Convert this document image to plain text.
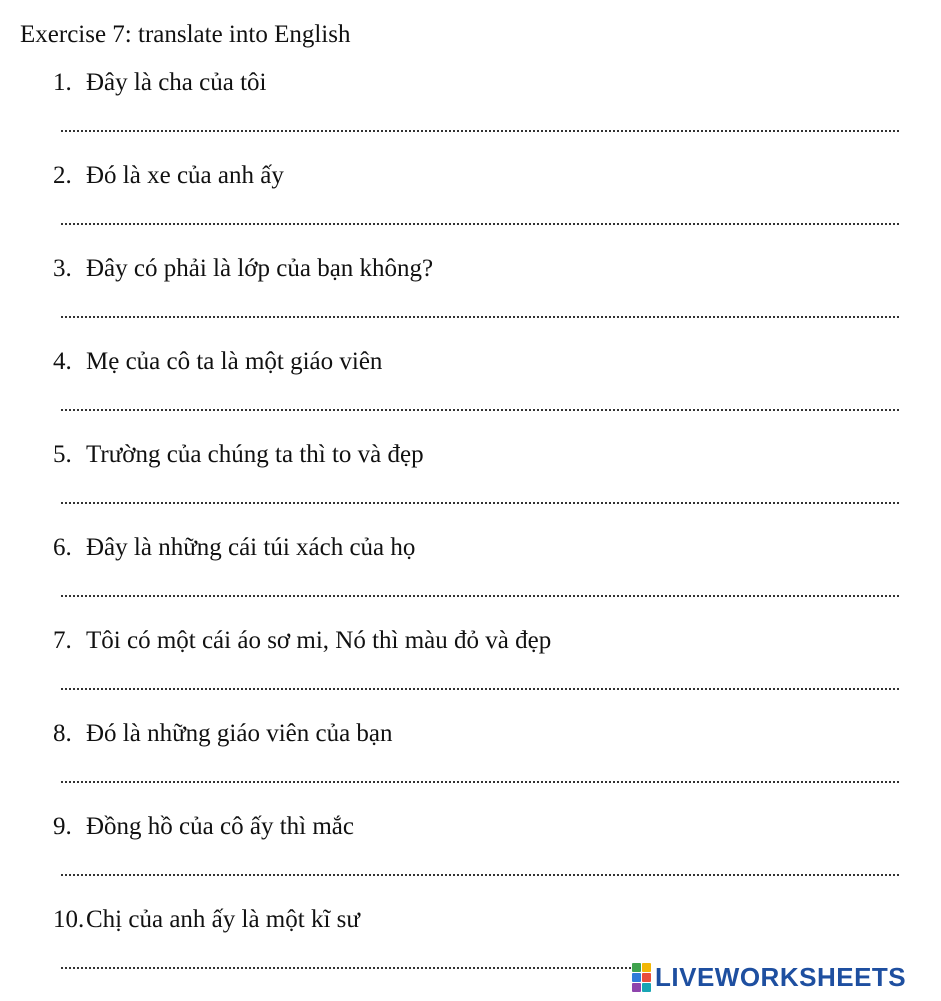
Exercise 7: translate into English
1. Đây là cha của tôi
2. Đó là xe của anh ấy
3. Đây có phải là lớp của bạn không?
4. Mẹ của cô ta là một giáo viên
5. Trường của chúng ta thì to và đẹp
6. Đây là những cái túi xách của họ
7. Tôi có một cái áo sơ mi, Nó thì màu đỏ và đẹp
8. Đó là những giáo viên của bạn
9. Đồng hồ của cô ấy thì mắc
10. Chị của anh ấy là một kĩ sư
LIVEWORKSHEETS
